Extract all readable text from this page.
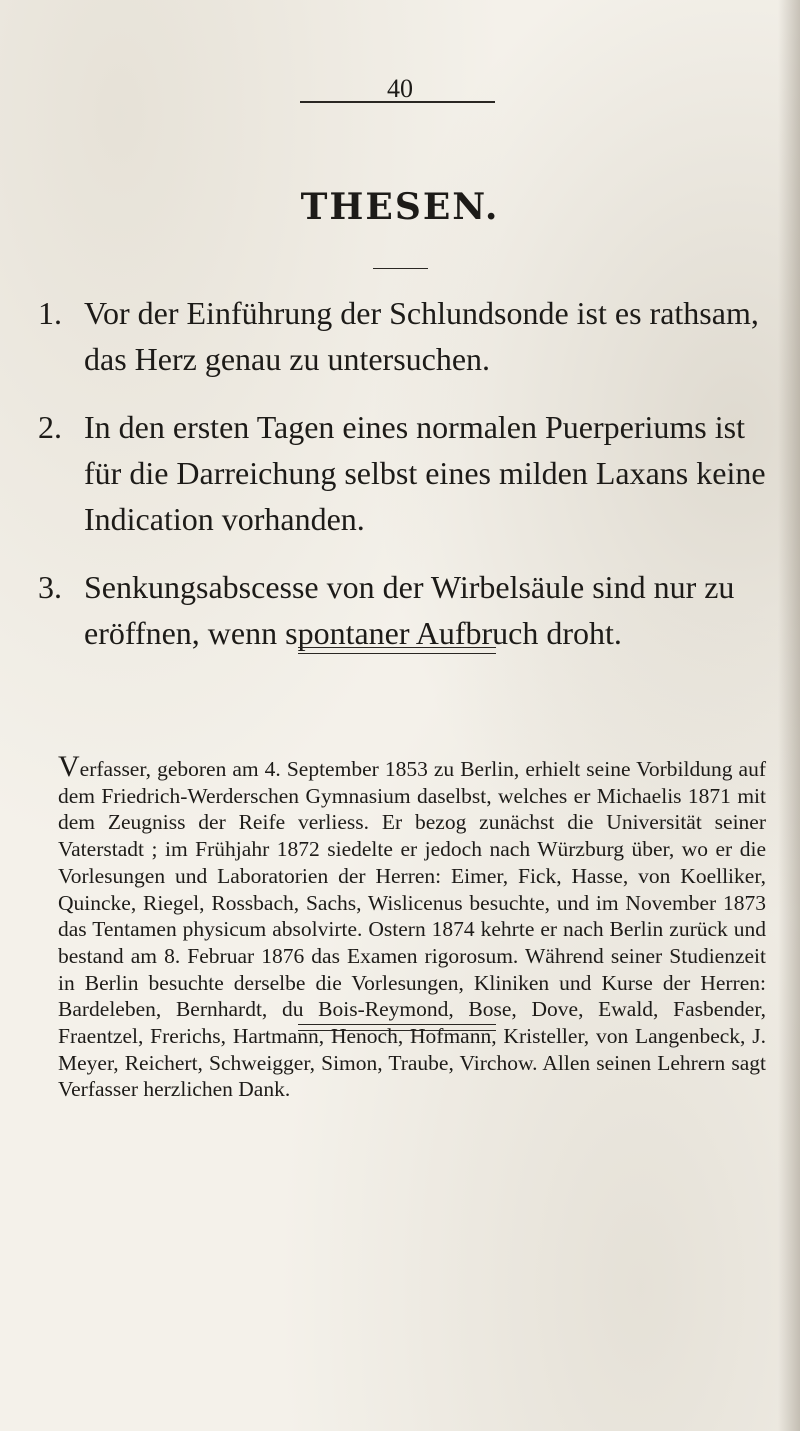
40
THESEN.
1. Vor der Einführung der Schlundsonde ist es rathsam, das Herz genau zu untersuchen.
2. In den ersten Tagen eines normalen Puerperiums ist für die Darreichung selbst eines milden Laxans keine Indication vorhanden.
3. Senkungsabscesse von der Wirbelsäule sind nur zu eröffnen, wenn spontaner Aufbruch droht.

Verfasser, geboren am 4. September 1853 zu Berlin, erhielt seine Vorbildung auf dem Friedrich-Werderschen Gymnasium daselbst, welches er Michaelis 1871 mit dem Zeugniss der Reife verliess. Er bezog zunächst die Universität seiner Vaterstadt ; im Frühjahr 1872 siedelte er jedoch nach Würzburg über, wo er die Vorlesungen und Laboratorien der Herren: Eimer, Fick, Hasse, von Koelliker, Quincke, Riegel, Rossbach, Sachs, Wislicenus besuchte, und im November 1873 das Tentamen physicum absolvirte. Ostern 1874 kehrte er nach Berlin zurück und bestand am 8. Februar 1876 das Examen rigorosum. Während seiner Studienzeit in Berlin besuchte derselbe die Vorlesungen, Kliniken und Kurse der Herren: Bardeleben, Bernhardt, du Bois-Reymond, Bose, Dove, Ewald, Fasbender, Fraentzel, Frerichs, Hartmann, Henoch, Hofmann, Kristeller, von Langenbeck, J. Meyer, Reichert, Schweigger, Simon, Traube, Virchow. Allen seinen Lehrern sagt Verfasser herzlichen Dank.
